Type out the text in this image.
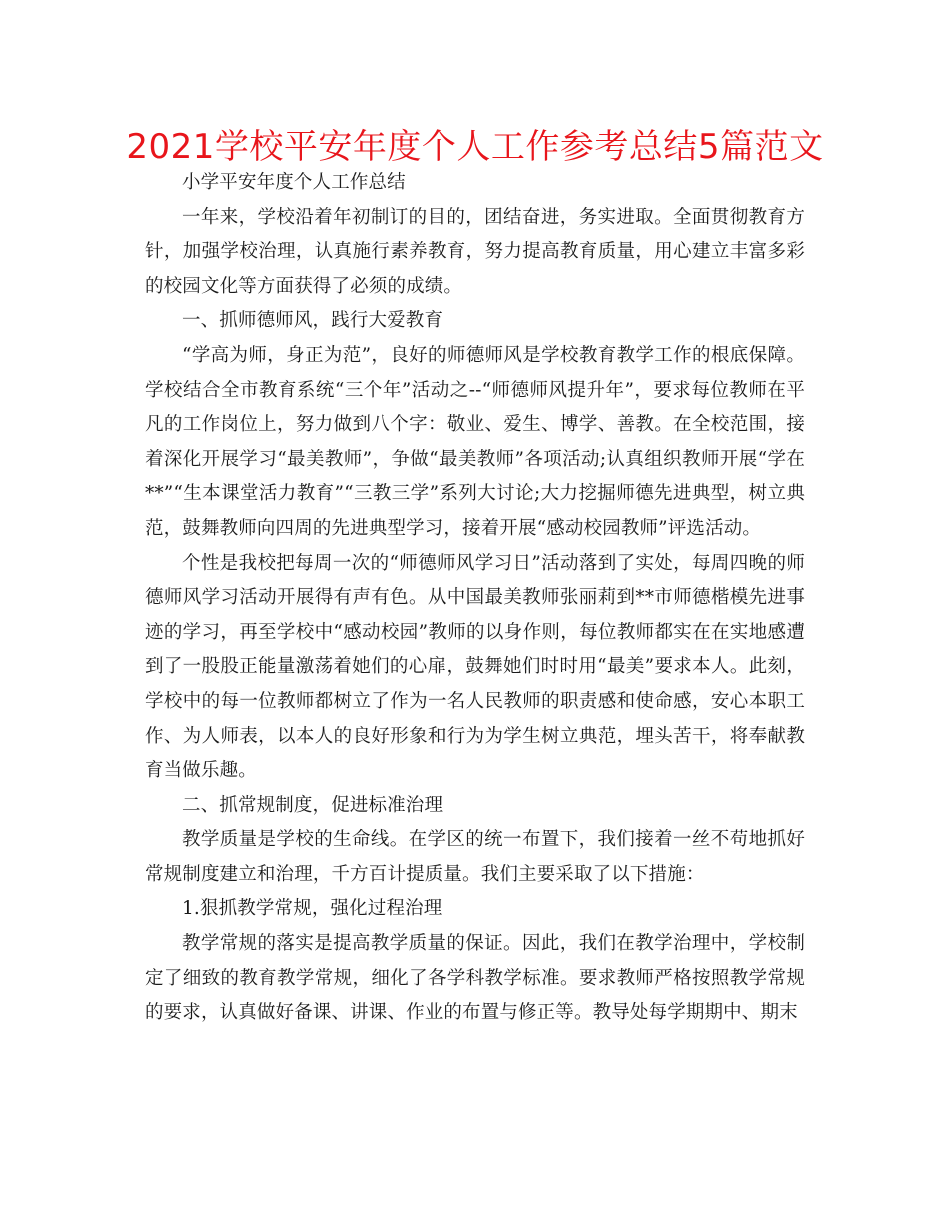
2021学校平安年度个人工作参考总结5篇范文

小学平安年度个人工作总结

一年来，学校沿着年初制订的目的，团结奋进，务实进取。全面贯彻教育方针，加强学校治理，认真施行素养教育，努力提高教育质量，用心建立丰富多彩的校园文化等方面获得了必须的成绩。

一、抓师德师风，践行大爱教育

“学高为师，身正为范”，良好的师德师风是学校教育教学工作的根底保障。学校结合全市教育系统“三个年”活动之--“师德师风提升年”，要求每位教师在平凡的工作岗位上，努力做到八个字：敬业、爱生、博学、善教。在全校范围，接着深化开展学习“最美教师”，争做“最美教师”各项活动;认真组织教师开展“学在**”“生本课堂活力教育”“三教三学”系列大讨论;大力挖掘师德先进典型，树立典范，鼓舞教师向四周的先进典型学习，接着开展“感动校园教师”评选活动。

个性是我校把每周一次的“师德师风学习日”活动落到了实处，每周四晚的师德师风学习活动开展得有声有色。从中国最美教师张丽莉到**市师德楷模先进事迹的学习，再至学校中“感动校园”教师的以身作则，每位教师都实在在实地感遭到了一股股正能量激荡着她们的心扉，鼓舞她们时时用“最美”要求本人。此刻，学校中的每一位教师都树立了作为一名人民教师的职责感和使命感，安心本职工作、为人师表，以本人的良好形象和行为为学生树立典范，埋头苦干，将奉献教育当做乐趣。

二、抓常规制度，促进标准治理

教学质量是学校的生命线。在学区的统一布置下，我们接着一丝不苟地抓好常规制度建立和治理，千方百计提质量。我们主要采取了以下措施：

1.狠抓教学常规，强化过程治理

教学常规的落实是提高教学质量的保证。因此，我们在教学治理中，学校制定了细致的教育教学常规，细化了各学科教学标准。要求教师严格按照教学常规的要求，认真做好备课、讲课、作业的布置与修正等。教导处每学期期中、期末
